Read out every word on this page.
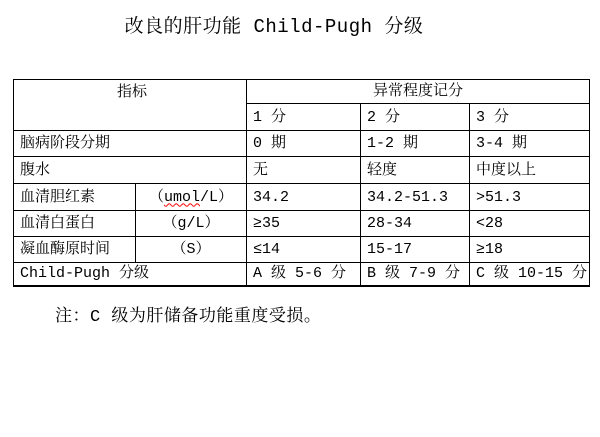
改良的肝功能 Child-Pugh 分级
指标		异常程度记分		
		1 分	2 分	3 分
脑病阶段分期		0 期	1-2 期	3-4 期
腹水		无	轻度	中度以上
血清胆红素	（umol/L）	34.2	34.2-51.3	>51.3
血清白蛋白	（g/L）	≥35	28-34	<28
凝血酶原时间	（S）	≤14	15-17	≥18
Child-Pugh 分级		A 级 5-6 分	B 级 7-9 分	C 级 10-15 分
注：C 级为肝储备功能重度受损。
